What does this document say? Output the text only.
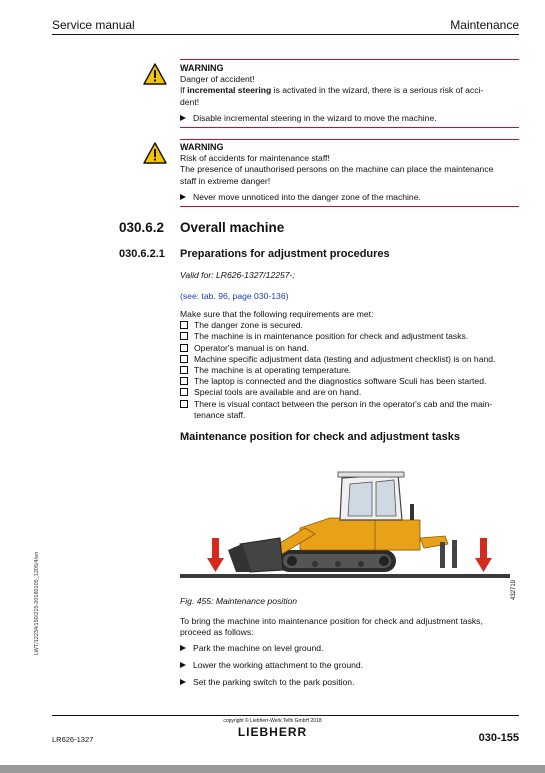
Service manual	Maintenance
WARNING
Danger of accident!
If incremental steering is activated in the wizard, there is a serious risk of acci-
dent!
Disable incremental steering in the wizard to move the machine.
WARNING
Risk of accidents for maintenance staff!
The presence of unauthorised persons on the machine can place the maintenance
staff in extreme danger!
Never move unnoticed into the danger zone of the machine.
030.6.2 Overall machine
030.6.2.1 Preparations for adjustment procedures
Valid for: LR626-1327/12257-;
(see: tab. 96, page 030-136)
Make sure that the following requirements are met:
The danger zone is secured.
The machine is in maintenance position for check and adjustment tasks.
Operator's manual is on hand.
Machine specific adjustment data (testing and adjustment checklist) is on hand.
The machine is at operating temperature.
The laptop is connected and the diagnostics software Sculi has been started.
Special tools are available and are on hand.
There is visual contact between the person in the operator's cab and the main-
tenance staff.
Maintenance position for check and adjustment tasks
432719
Fig. 455: Maintenance position
To bring the machine into maintenance position for check and adjustment tasks,
proceed as follows:
Park the machine on level ground.
Lower the working attachment to the ground.
Set the parking switch to the park position.
LWT/12234/150/215-20180105_1205/4/en
copyright © Liebherr-Werk Telfs GmbH 2018
LIEBHERR
LR626-1327	030-155
